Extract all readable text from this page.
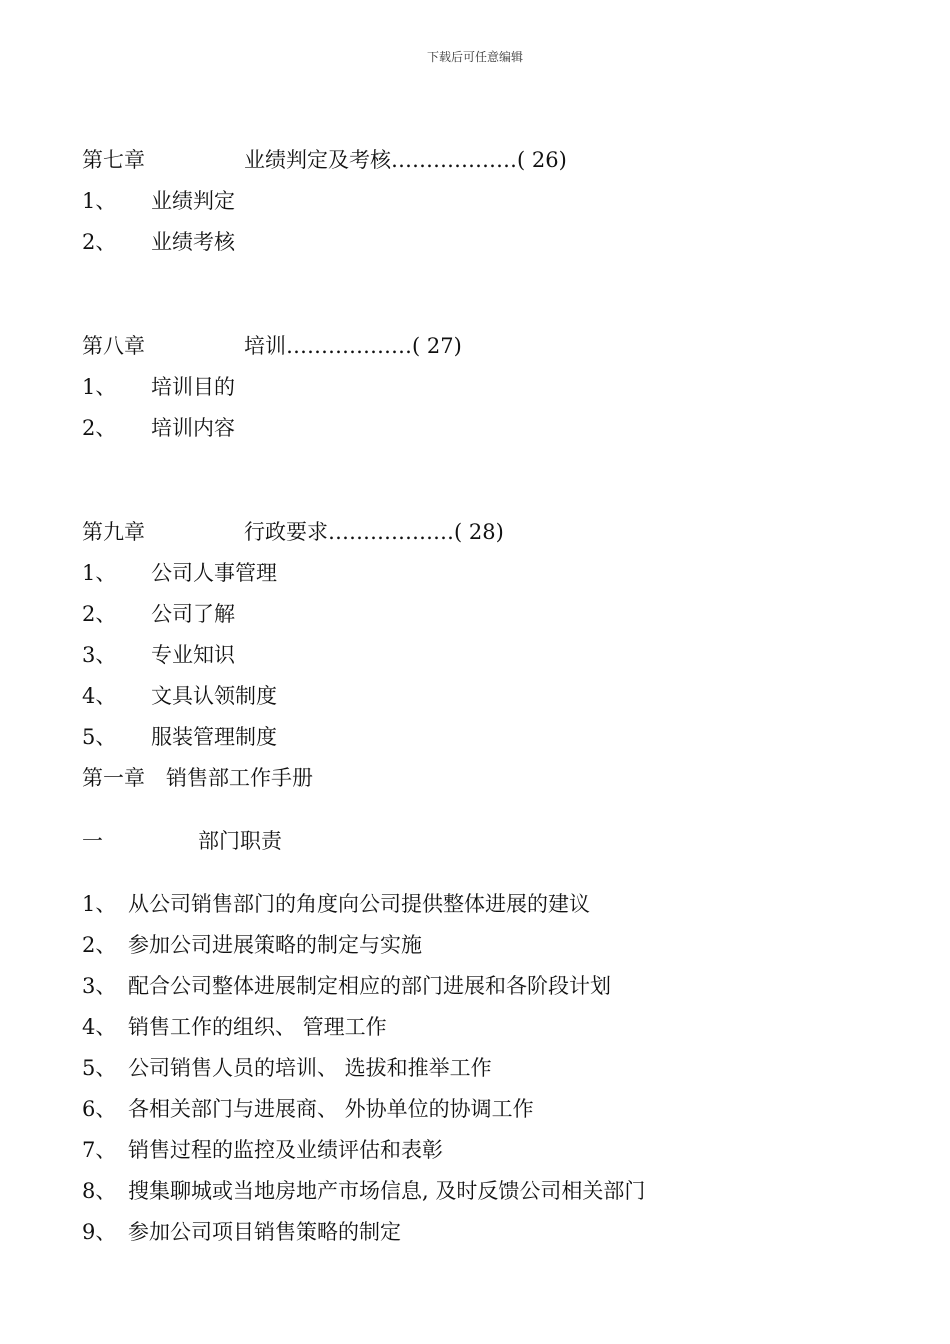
下载后可任意编辑
第七章	业绩判定及考核………………( 26)
1、 业绩判定
2、 业绩考核
第八章	培训………………( 27)
1、 培训目的
2、 培训内容
第九章	行政要求………………( 28)
1、 公司人事管理
2、 公司了解
3、 专业知识
4、 文具认领制度
5、 服装管理制度
第一章　销售部工作手册
一	部门职责
1、 从公司销售部门的角度向公司提供整体进展的建议
2、 参加公司进展策略的制定与实施
3、 配合公司整体进展制定相应的部门进展和各阶段计划
4、 销售工作的组织、 管理工作
5、 公司销售人员的培训、 选拔和推举工作
6、 各相关部门与进展商、 外协单位的协调工作
7、 销售过程的监控及业绩评估和表彰
8、 搜集聊城或当地房地产市场信息, 及时反馈公司相关部门
9、 参加公司项目销售策略的制定
